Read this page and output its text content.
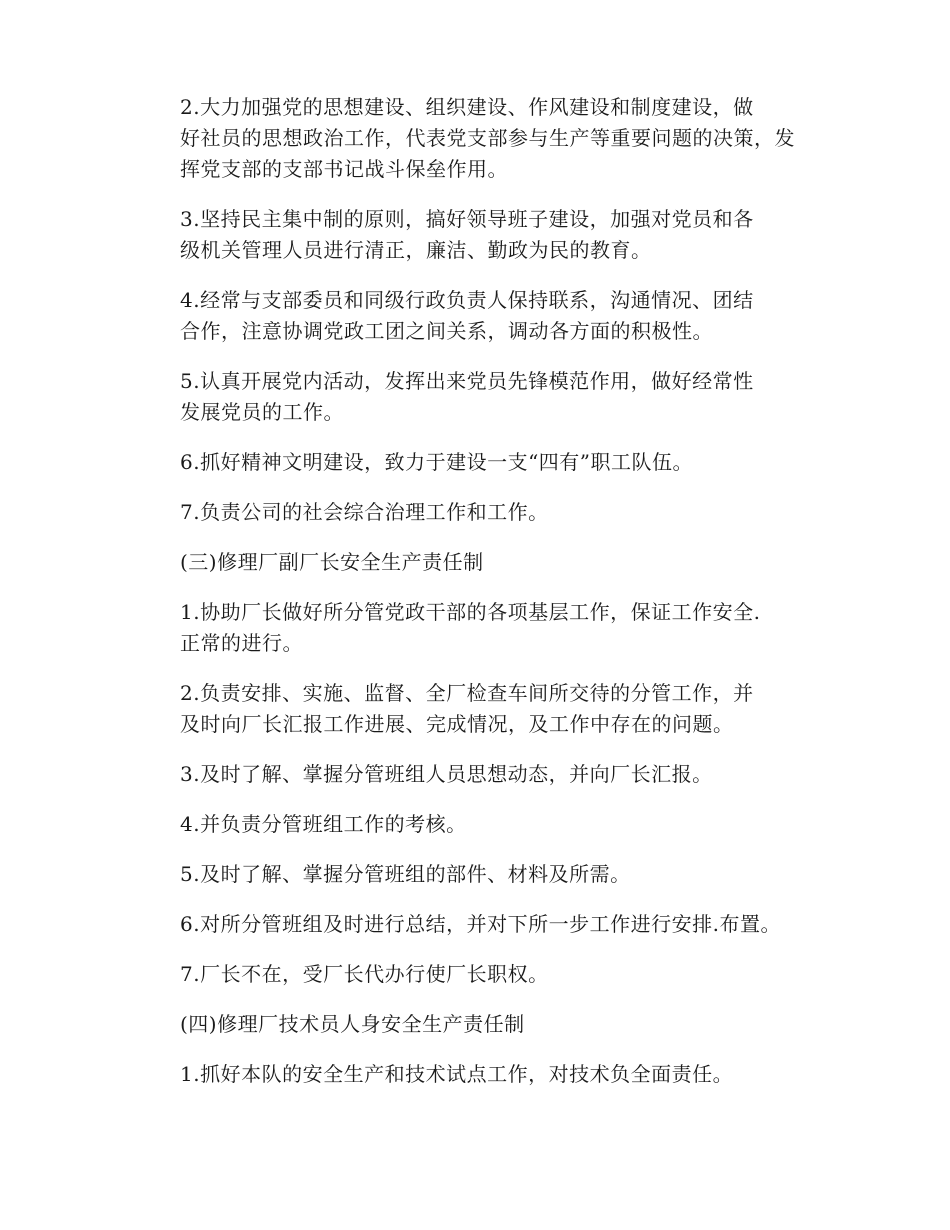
2.大力加强党的思想建设、组织建设、作风建设和制度建设，做
好社员的思想政治工作，代表党支部参与生产等重要问题的决策，发
挥党支部的支部书记战斗保垒作用。

3.坚持民主集中制的原则，搞好领导班子建设，加强对党员和各
级机关管理人员进行清正，廉洁、勤政为民的教育。

4.经常与支部委员和同级行政负责人保持联系，沟通情况、团结
合作，注意协调党政工团之间关系，调动各方面的积极性。

5.认真开展党内活动，发挥出来党员先锋模范作用，做好经常性
发展党员的工作。

6.抓好精神文明建设，致力于建设一支“四有”职工队伍。

7.负责公司的社会综合治理工作和工作。

(三)修理厂副厂长安全生产责任制

1.协助厂长做好所分管党政干部的各项基层工作，保证工作安全.
正常的进行。

2.负责安排、实施、监督、全厂检查车间所交待的分管工作，并
及时向厂长汇报工作进展、完成情况，及工作中存在的问题。

3.及时了解、掌握分管班组人员思想动态，并向厂长汇报。

4.并负责分管班组工作的考核。

5.及时了解、掌握分管班组的部件、材料及所需。

6.对所分管班组及时进行总结，并对下所一步工作进行安排.布置。

7.厂长不在，受厂长代办行使厂长职权。

(四)修理厂技术员人身安全生产责任制

1.抓好本队的安全生产和技术试点工作，对技术负全面责任。
